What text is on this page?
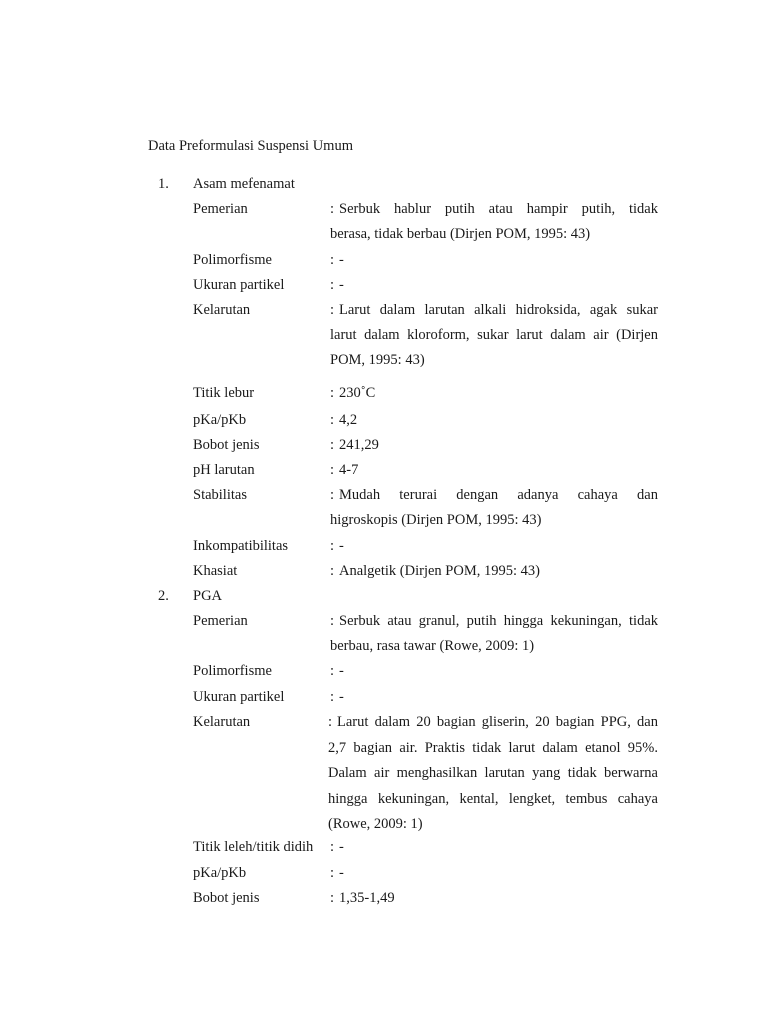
Data Preformulasi Suspensi Umum
1. Asam mefenamat
Pemerian	: Serbuk hablur putih atau hampir putih, tidak
berasa, tidak berbau (Dirjen POM, 1995: 43)
Polimorfisme	: -
Ukuran partikel	: -
Kelarutan	: Larut dalam larutan alkali hidroksida, agak sukar
larut dalam kloroform, sukar larut dalam air (Dirjen
POM, 1995: 43)
Titik lebur	: 230˚C
pKa/pKb	: 4,2
Bobot jenis	: 241,29
pH larutan	: 4-7
Stabilitas	: Mudah terurai dengan adanya cahaya dan
higroskopis (Dirjen POM, 1995: 43)
Inkompatibilitas	: -
Khasiat	: Analgetik (Dirjen POM, 1995: 43)
2. PGA
Pemerian	: Serbuk atau granul, putih hingga kekuningan, tidak
berbau, rasa tawar (Rowe, 2009: 1)
Polimorfisme	: -
Ukuran partikel	: -
Kelarutan	: Larut dalam 20 bagian gliserin, 20 bagian PPG, dan
2,7 bagian air. Praktis tidak larut dalam etanol 95%.
Dalam air menghasilkan larutan yang tidak berwarna
hingga kekuningan, kental, lengket, tembus cahaya
(Rowe, 2009: 1)
Titik leleh/titik didih : -
pKa/pKb	: -
Bobot jenis	: 1,35-1,49
